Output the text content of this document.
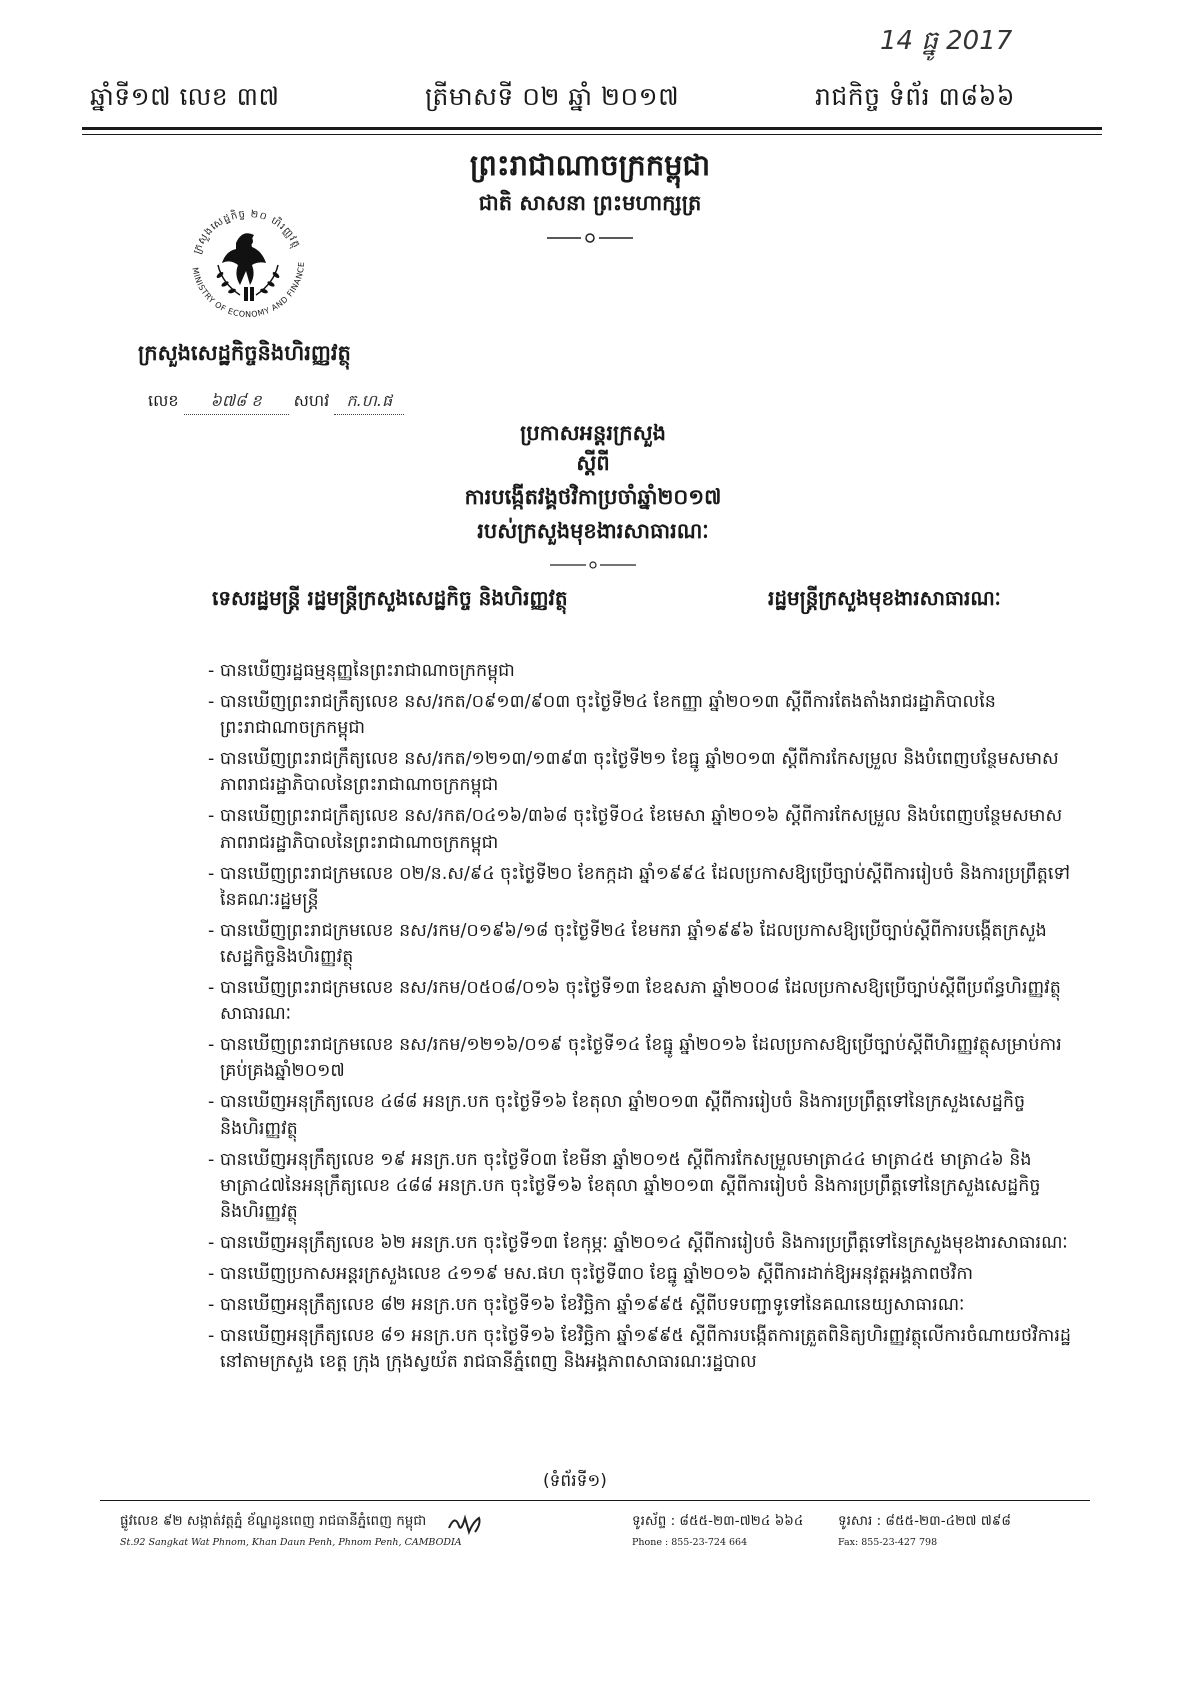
14 ធ្នូ 2017
ឆ្នាំទី១៧ លេខ ៣៧	ត្រីមាសទី ០២ ឆ្នាំ ២០១៧	រាជកិច្ច ទំព័រ ៣៨៦៦
ព្រះរាជាណាចក្រកម្ពុជា
ជាតិ សាសនា ព្រះមហាក្សត្រ
ក្រសួងសេដ្ឋកិច្ច ២០ ហិរញ្ញវត្ថុ
MINISTRY OF ECONOMY AND FINANCE
ក្រសួងសេដ្ឋកិច្ចនិងហិរញ្ញវត្ថុ
លេខ ៦៧៨ ខ សហវ ក.ហ.ផ
ប្រកាសអន្តរក្រសួង
ស្តីពី
ការបង្កើតវង្គថវិកាប្រចាំឆ្នាំ២០១៧
របស់ក្រសួងមុខងារសាធារណៈ
ទេសរដ្ឋមន្ត្រី រដ្ឋមន្ត្រីក្រសួងសេដ្ឋកិច្ច និងហិរញ្ញវត្ថុ	រដ្ឋមន្ត្រីក្រសួងមុខងារសាធារណៈ
- បានឃើញរដ្ឋធម្មនុញ្ញនៃព្រះរាជាណាចក្រកម្ពុជា
- បានឃើញព្រះរាជក្រឹត្យលេខ នស/រកត/០៩១៣/៩០៣ ចុះថ្ងៃទី២៤ ខែកញ្ញា ឆ្នាំ២០១៣ ស្តីពីការតែងតាំងរាជរដ្ឋាភិបាលនៃព្រះរាជាណាចក្រកម្ពុជា
- បានឃើញព្រះរាជក្រឹត្យលេខ នស/រកត/១២១៣/១៣៩៣ ចុះថ្ងៃទី២១ ខែធ្នូ ឆ្នាំ២០១៣ ស្តីពីការកែសម្រួល និងបំពេញបន្ថែមសមាសភាពរាជរដ្ឋាភិបាលនៃព្រះរាជាណាចក្រកម្ពុជា
- បានឃើញព្រះរាជក្រឹត្យលេខ នស/រកត/០៤១៦/៣៦៨ ចុះថ្ងៃទី០៤ ខែមេសា ឆ្នាំ២០១៦ ស្តីពីការកែសម្រួល និងបំពេញបន្ថែមសមាសភាពរាជរដ្ឋាភិបាលនៃព្រះរាជាណាចក្រកម្ពុជា
- បានឃើញព្រះរាជក្រមលេខ ០២/ន.ស/៩៤ ចុះថ្ងៃទី២០ ខែកក្កដា ឆ្នាំ១៩៩៤ ដែលប្រកាសឱ្យប្រើច្បាប់ស្តីពីការរៀបចំ និងការប្រព្រឹត្តទៅនៃគណៈរដ្ឋមន្ត្រី
- បានឃើញព្រះរាជក្រមលេខ នស/រកម/០១៩៦/១៨ ចុះថ្ងៃទី២៤ ខែមករា ឆ្នាំ១៩៩៦ ដែលប្រកាសឱ្យប្រើច្បាប់ស្តីពីការបង្កើតក្រសួងសេដ្ឋកិច្ចនិងហិរញ្ញវត្ថុ
- បានឃើញព្រះរាជក្រមលេខ នស/រកម/០៥០៨/០១៦ ចុះថ្ងៃទី១៣ ខែឧសភា ឆ្នាំ២០០៨ ដែលប្រកាសឱ្យប្រើច្បាប់ស្តីពីប្រព័ន្ធហិរញ្ញវត្ថុសាធារណៈ
- បានឃើញព្រះរាជក្រមលេខ នស/រកម/១២១៦/០១៩ ចុះថ្ងៃទី១៤ ខែធ្នូ ឆ្នាំ២០១៦ ដែលប្រកាសឱ្យប្រើច្បាប់ស្តីពីហិរញ្ញវត្ថុសម្រាប់ការគ្រប់គ្រងឆ្នាំ២០១៧
- បានឃើញអនុក្រឹត្យលេខ ៤៨៨ អនក្រ.បក ចុះថ្ងៃទី១៦ ខែតុលា ឆ្នាំ២០១៣ ស្តីពីការរៀបចំ និងការប្រព្រឹត្តទៅនៃក្រសួងសេដ្ឋកិច្ចនិងហិរញ្ញវត្ថុ
- បានឃើញអនុក្រឹត្យលេខ ១៩ អនក្រ.បក ចុះថ្ងៃទី០៣ ខែមីនា ឆ្នាំ២០១៥ ស្តីពីការកែសម្រួលមាត្រា៤៤ មាត្រា៤៥ មាត្រា៤៦ និងមាត្រា៤៧នៃអនុក្រឹត្យលេខ ៤៨៨ អនក្រ.បក ចុះថ្ងៃទី១៦ ខែតុលា ឆ្នាំ២០១៣ ស្តីពីការរៀបចំ និងការប្រព្រឹត្តទៅនៃក្រសួងសេដ្ឋកិច្ចនិងហិរញ្ញវត្ថុ
- បានឃើញអនុក្រឹត្យលេខ ៦២ អនក្រ.បក ចុះថ្ងៃទី១៣ ខែកុម្ភៈ ឆ្នាំ២០១៤ ស្តីពីការរៀបចំ និងការប្រព្រឹត្តទៅនៃក្រសួងមុខងារសាធារណៈ
- បានឃើញប្រកាសអន្តរក្រសួងលេខ ៤១១៩ មស.ផហ ចុះថ្ងៃទី៣០ ខែធ្នូ ឆ្នាំ២០១៦ ស្តីពីការដាក់ឱ្យអនុវត្តអង្គភាពថវិកា
- បានឃើញអនុក្រឹត្យលេខ ៨២ អនក្រ.បក ចុះថ្ងៃទី១៦ ខែវិច្ឆិកា ឆ្នាំ១៩៩៥ ស្តីពីបទបញ្ជាទូទៅនៃគណនេយ្យសាធារណៈ
- បានឃើញអនុក្រឹត្យលេខ ៨១ អនក្រ.បក ចុះថ្ងៃទី១៦ ខែវិច្ឆិកា ឆ្នាំ១៩៩៥ ស្តីពីការបង្កើតការត្រួតពិនិត្យហិរញ្ញវត្ថុលើការចំណាយថវិការដ្ឋ នៅតាមក្រសួង ខេត្ត ក្រុង ក្រុងស្វយ័ត រាជធានីភ្នំពេញ និងអង្គភាពសាធារណៈរដ្ឋបាល
(ទំព័រទី១)
ផ្លូវលេខ ៩២ សង្កាត់វត្តភ្នំ ខ័ណ្ឌដូនពេញ រាជធានីភ្នំពេញ កម្ពុជា
St.92 Sangkat Wat Phnom, Khan Daun Penh, Phnom Penh, CAMBODIA
ទូរស័ព្ទ : ៨៥៥-២៣-៧២៤ ៦៦៤
Phone : 855-23-724 664
ទូរសារ : ៨៥៥-២៣-៤២៧ ៧៩៨
Fax: 855-23-427 798
